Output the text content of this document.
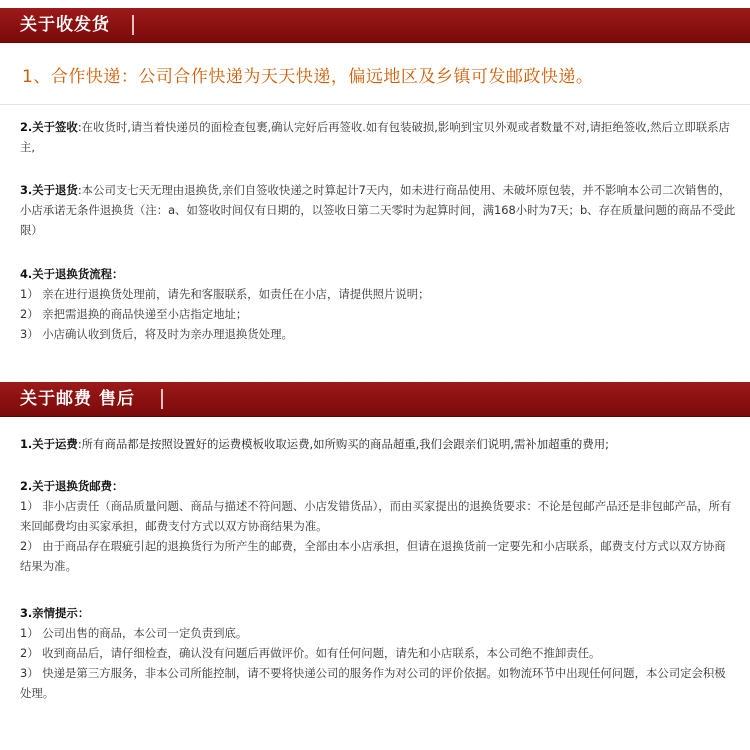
关于收发货
1、合作快递：公司合作快递为天天快递，偏远地区及乡镇可发邮政快递。
2.关于签收:在收货时,请当着快递员的面检查包裹,确认完好后再签收.如有包装破损,影响到宝贝外观或者数量不对,请拒绝签收,然后立即联系店主,
3.关于退货:本公司支七天无理由退换货,亲们自签收快递之时算起计7天内，如未进行商品使用、未破坏原包装，并不影响本公司二次销售的，小店承诺无条件退换货（注：a、如签收时间仅有日期的，以签收日第二天零时为起算时间，满168小时为7天；b、存在质量问题的商品不受此限）
4.关于退换货流程：
1） 亲在进行退换货处理前，请先和客服联系，如责任在小店，请提供照片说明；
2） 亲把需退换的商品快递至小店指定地址；
3） 小店确认收到货后，将及时为亲办理退换货处理。
关于邮费 售后
1.关于运费:所有商品都是按照设置好的运费模板收取运费,如所购买的商品超重,我们会跟亲们说明,需补加超重的费用;
2.关于退换货邮费：
1） 非小店责任（商品质量问题、商品与描述不符问题、小店发错货品），而由买家提出的退换货要求：不论是包邮产品还是非包邮产品，所有来回邮费均由买家承担，邮费支付方式以双方协商结果为准。
2） 由于商品存在瑕疵引起的退换货行为所产生的邮费，全部由本小店承担，但请在退换货前一定要先和小店联系，邮费支付方式以双方协商结果为准。
3.亲情提示：
1） 公司出售的商品，本公司一定负责到底。
2） 收到商品后，请仔细检查，确认没有问题后再做评价。如有任何问题，请先和小店联系，本公司绝不推卸责任。
3） 快递是第三方服务，非本公司所能控制，请不要将快递公司的服务作为对公司的评价依据。如物流环节中出现任何问题，本公司定会积极处理。
